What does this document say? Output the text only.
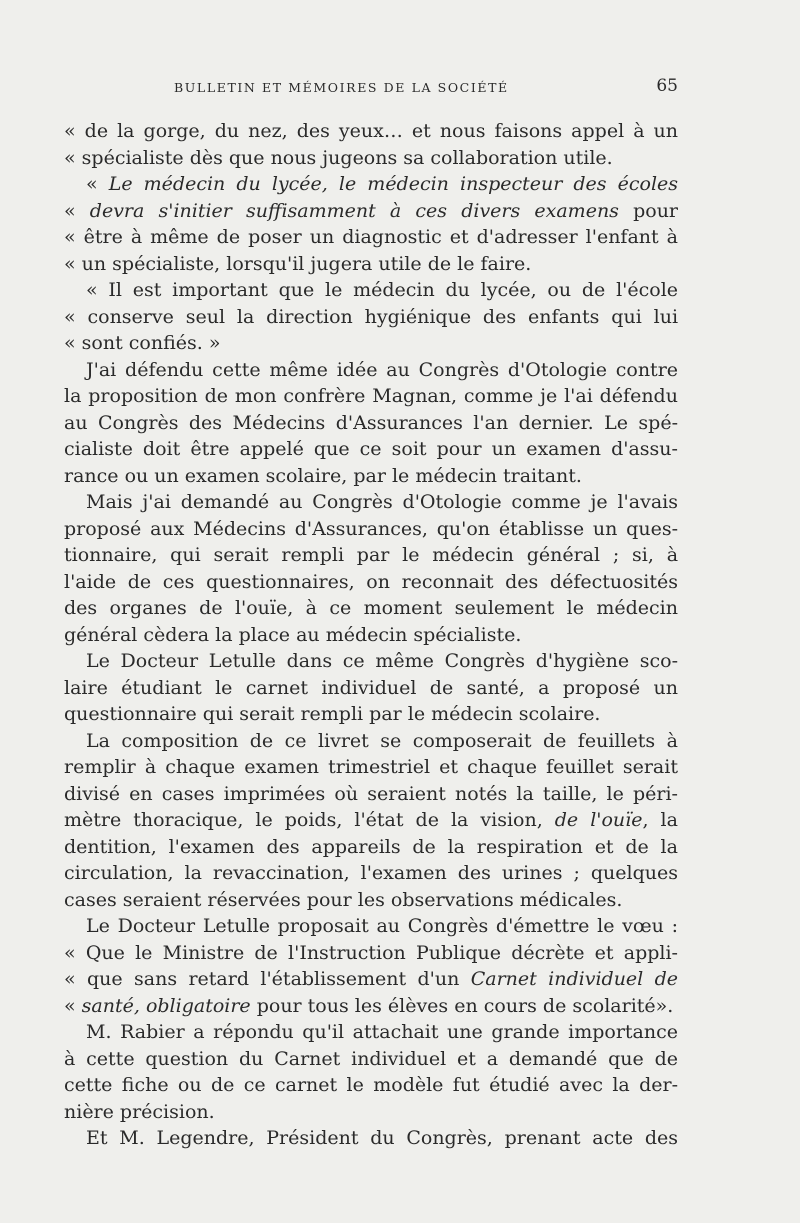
BULLETIN ET MÉMOIRES DE LA SOCIÉTÉ	65
« de la gorge, du nez, des yeux… et nous faisons appel à un
« spécialiste dès que nous jugeons sa collaboration utile.
« Le médecin du lycée, le médecin inspecteur des écoles
« devra s'initier suffisamment à ces divers examens pour
« être à même de poser un diagnostic et d'adresser l'enfant à
« un spécialiste, lorsqu'il jugera utile de le faire.
« Il est important que le médecin du lycée, ou de l'école
« conserve seul la direction hygiénique des enfants qui lui
« sont confiés. »
J'ai défendu cette même idée au Congrès d'Otologie contre
la proposition de mon confrère Magnan, comme je l'ai défendu
au Congrès des Médecins d'Assurances l'an dernier. Le spé-
cialiste doit être appelé que ce soit pour un examen d'assu-
rance ou un examen scolaire, par le médecin traitant.
Mais j'ai demandé au Congrès d'Otologie comme je l'avais
proposé aux Médecins d'Assurances, qu'on établisse un ques-
tionnaire, qui serait rempli par le médecin général ; si, à
l'aide de ces questionnaires, on reconnait des défectuosités
des organes de l'ouïe, à ce moment seulement le médecin
général cèdera la place au médecin spécialiste.
Le Docteur Letulle dans ce même Congrès d'hygiène sco-
laire étudiant le carnet individuel de santé, a proposé un
questionnaire qui serait rempli par le médecin scolaire.
La composition de ce livret se composerait de feuillets à
remplir à chaque examen trimestriel et chaque feuillet serait
divisé en cases imprimées où seraient notés la taille, le péri-
mètre thoracique, le poids, l'état de la vision, de l'ouïe, la
dentition, l'examen des appareils de la respiration et de la
circulation, la revaccination, l'examen des urines ; quelques
cases seraient réservées pour les observations médicales.
Le Docteur Letulle proposait au Congrès d'émettre le vœu :
« Que le Ministre de l'Instruction Publique décrète et appli-
« que sans retard l'établissement d'un Carnet individuel de
« santé, obligatoire pour tous les élèves en cours de scolarité».
M. Rabier a répondu qu'il attachait une grande importance
à cette question du Carnet individuel et a demandé que de
cette fiche ou de ce carnet le modèle fut étudié avec la der-
nière précision.
Et M. Legendre, Président du Congrès, prenant acte des
